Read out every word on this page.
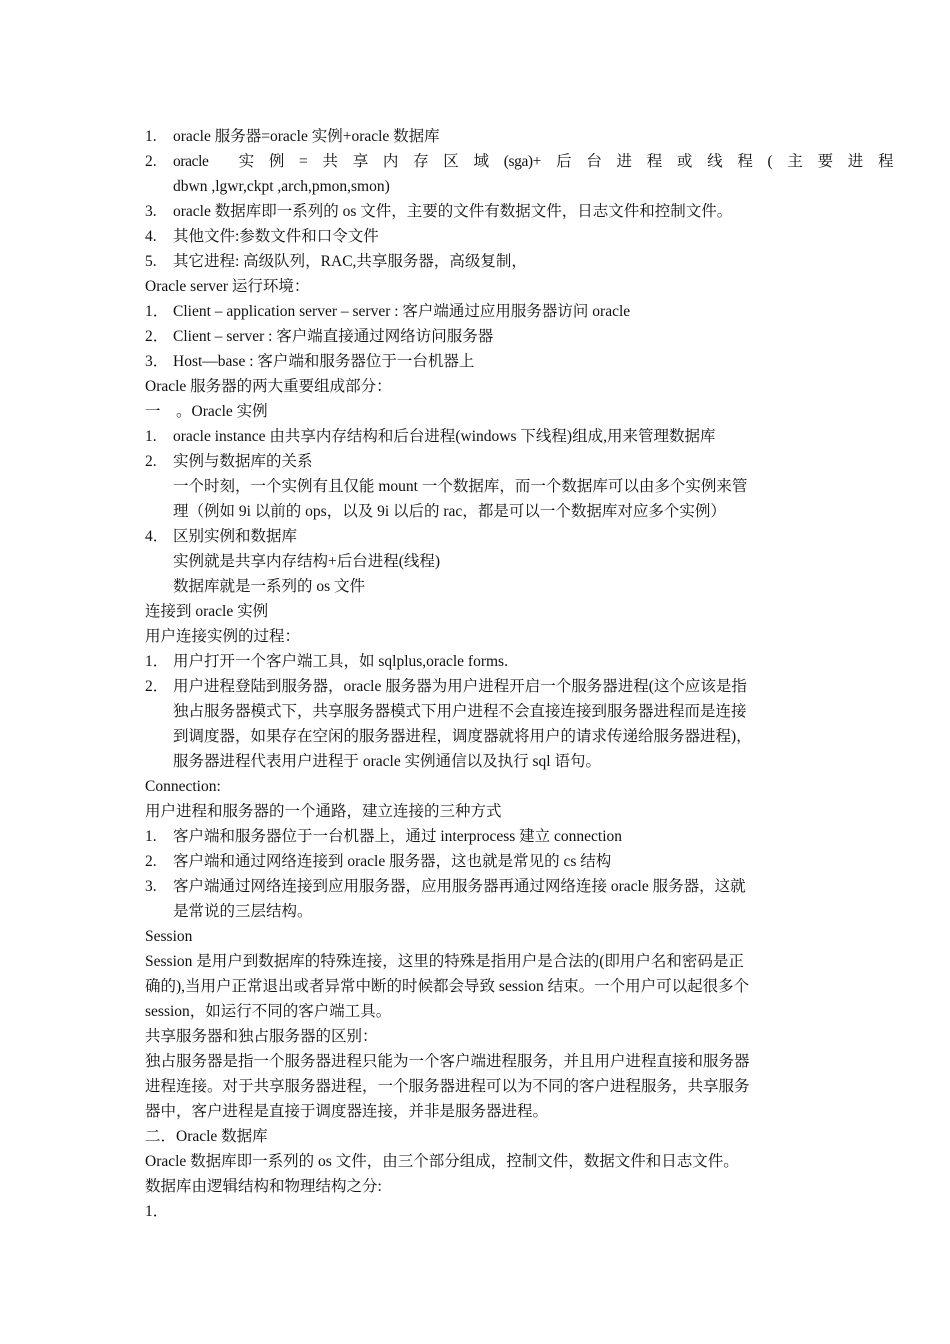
1. oracle 服务器=oracle 实例+oracle 数据库
2. oracle　　实　例　=　共　享　内　存　区　域　(sga)+　后　台　进　程　或　线　程　(　主　要　进　程
dbwn ,lgwr,ckpt ,arch,pmon,smon)
3. oracle 数据库即一系列的 os 文件，主要的文件有数据文件，日志文件和控制文件。
4. 其他文件:参数文件和口令文件
5. 其它进程: 高级队列，RAC,共享服务器，高级复制，
Oracle server 运行环境：
1． Client – application server – server : 客户端通过应用服务器访问 oracle
2． Client – server : 客户端直接通过网络访问服务器
3． Host—base : 客户端和服务器位于一台机器上
Oracle 服务器的两大重要组成部分：
一　。Oracle 实例
1. oracle instance 由共享内存结构和后台进程(windows 下线程)组成,用来管理数据库
2. 实例与数据库的关系
一个时刻，一个实例有且仅能 mount 一个数据库，而一个数据库可以由多个实例来管
理（例如 9i 以前的 ops，以及 9i 以后的 rac，都是可以一个数据库对应多个实例）
4． 区别实例和数据库
实例就是共享内存结构+后台进程(线程)
数据库就是一系列的 os 文件
连接到 oracle 实例
用户连接实例的过程：
1． 用户打开一个客户端工具，如 sqlplus,oracle forms.
2． 用户进程登陆到服务器，oracle 服务器为用户进程开启一个服务器进程(这个应该是指
独占服务器模式下，共享服务器模式下用户进程不会直接连接到服务器进程而是连接
到调度器，如果存在空闲的服务器进程，调度器就将用户的请求传递给服务器进程)，
服务器进程代表用户进程于 oracle 实例通信以及执行 sql 语句。
Connection:
用户进程和服务器的一个通路，建立连接的三种方式
1. 客户端和服务器位于一台机器上，通过 interprocess 建立 connection
2. 客户端和通过网络连接到 oracle 服务器，这也就是常见的 cs 结构
3. 客户端通过网络连接到应用服务器，应用服务器再通过网络连接 oracle 服务器，这就
是常说的三层结构。
Session
Session 是用户到数据库的特殊连接，这里的特殊是指用户是合法的(即用户名和密码是正
确的),当用户正常退出或者异常中断的时候都会导致 session 结束。一个用户可以起很多个
session，如运行不同的客户端工具。
共享服务器和独占服务器的区别：
独占服务器是指一个服务器进程只能为一个客户端进程服务，并且用户进程直接和服务器
进程连接。对于共享服务器进程，一个服务器进程可以为不同的客户进程服务，共享服务
器中，客户进程是直接于调度器连接，并非是服务器进程。
二．Oracle 数据库
Oracle 数据库即一系列的 os 文件，由三个部分组成，控制文件，数据文件和日志文件。
数据库由逻辑结构和物理结构之分:
1．
